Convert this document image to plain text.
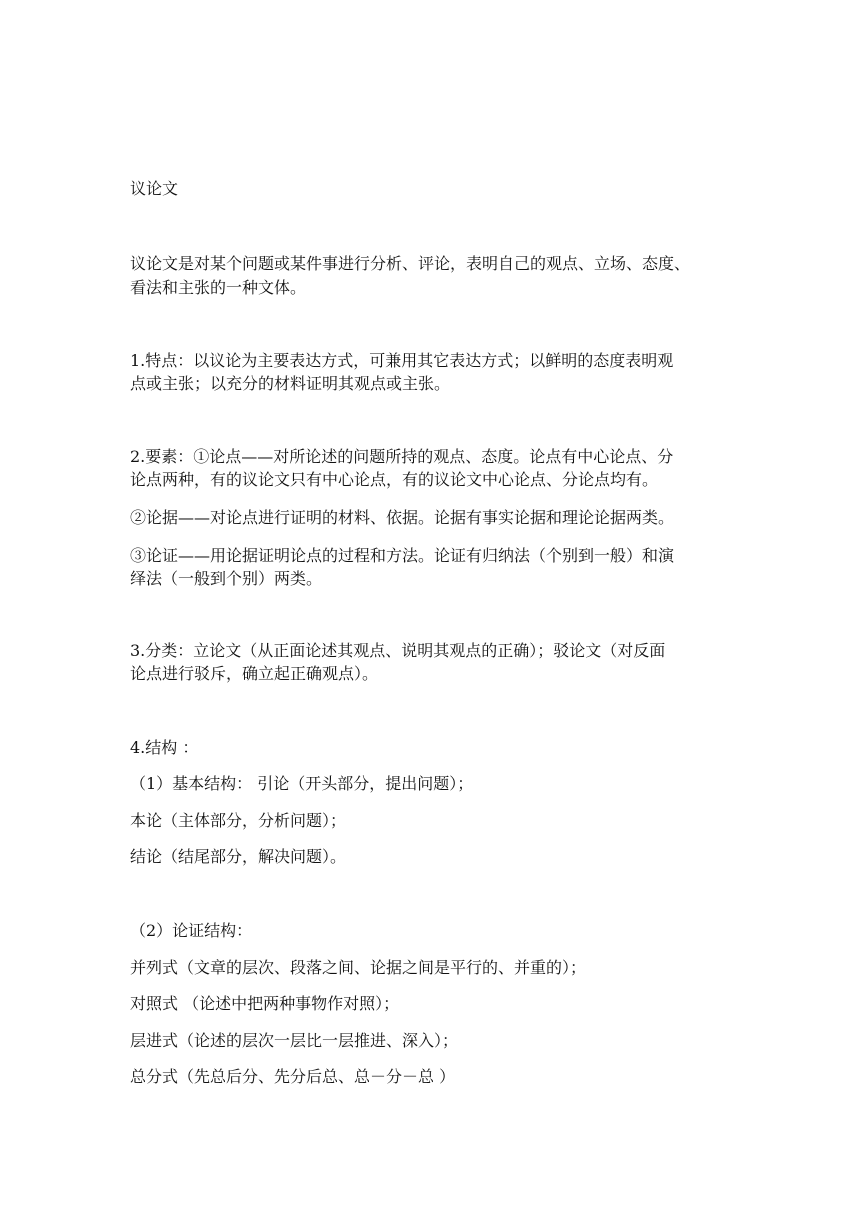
议论文
议论文是对某个问题或某件事进行分析、评论，表明自己的观点、立场、态度、
看法和主张的一种文体。
1.特点：以议论为主要表达方式，可兼用其它表达方式；以鲜明的态度表明观
点或主张；以充分的材料证明其观点或主张。
2.要素：①论点——对所论述的问题所持的观点、态度。论点有中心论点、分
论点两种，有的议论文只有中心论点，有的议论文中心论点、分论点均有。
②论据——对论点进行证明的材料、依据。论据有事实论据和理论论据两类。
③论证——用论据证明论点的过程和方法。论证有归纳法（个别到一般）和演
绎法（一般到个别）两类。
3.分类：立论文（从正面论述其观点、说明其观点的正确）；驳论文（对反面
论点进行驳斥，确立起正确观点）。
4.结构 ：
（1）基本结构： 引论（开头部分，提出问题）；
本论（主体部分，分析问题）；
结论（结尾部分，解决问题）。
（2）论证结构：
并列式（文章的层次、段落之间、论据之间是平行的、并重的）；
对照式 （论述中把两种事物作对照）；
层进式（论述的层次一层比一层推进、深入）；
总分式（先总后分、先分后总、总－分－总 ）
